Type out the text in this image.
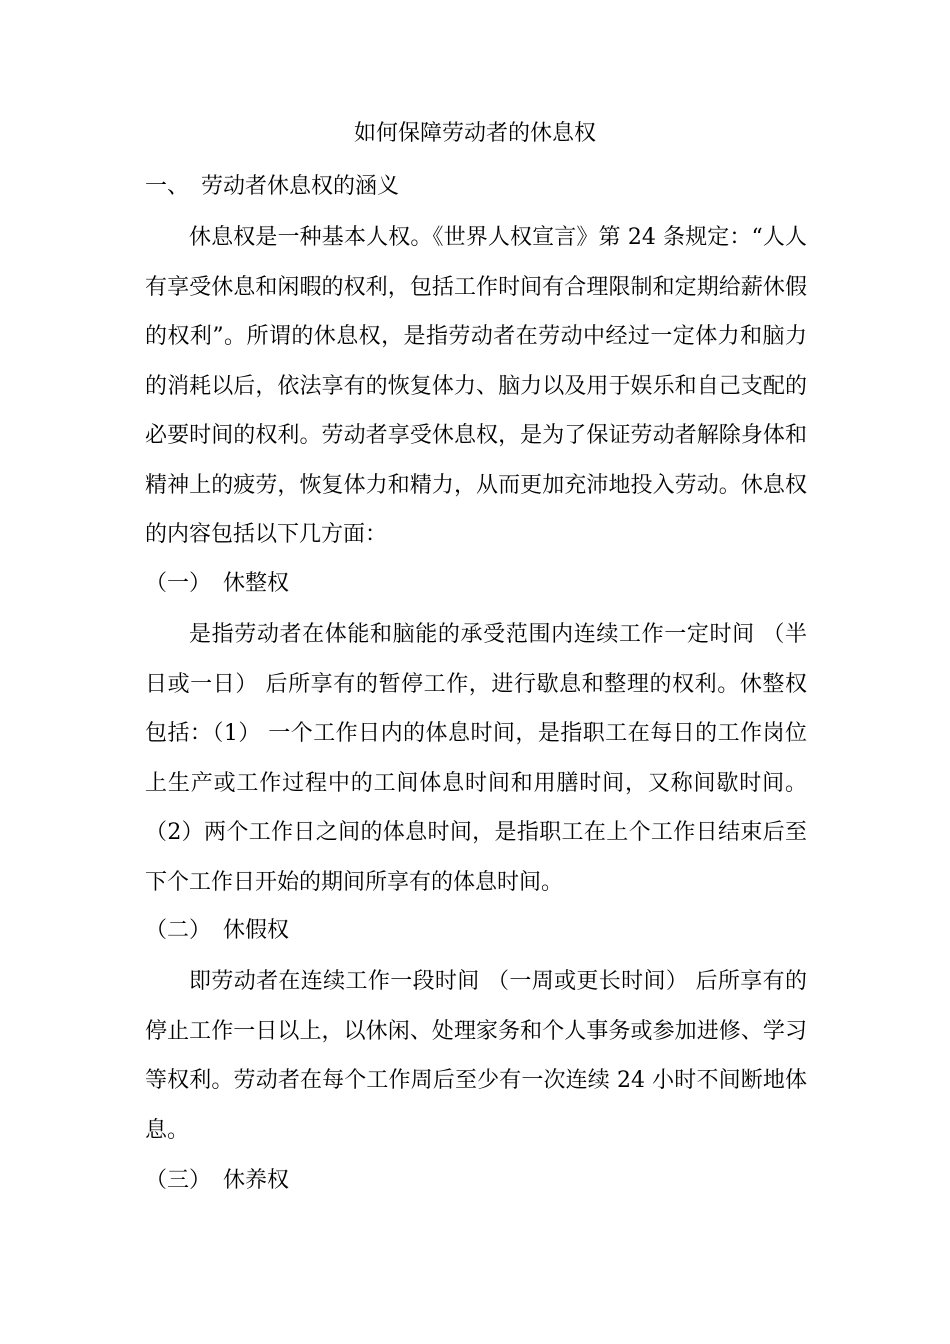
如何保障劳动者的休息权
一、 劳动者休息权的涵义

休息权是一种基本人权。《世界人权宣言》第 24 条规定：“人人有享受休息和闲暇的权利，包括工作时间有合理限制和定期给薪休假的权利”。所谓的休息权，是指劳动者在劳动中经过一定体力和脑力的消耗以后，依法享有的恢复体力、脑力以及用于娱乐和自己支配的必要时间的权利。劳动者享受休息权，是为了保证劳动者解除身体和精神上的疲劳，恢复体力和精力，从而更加充沛地投入劳动。休息权的内容包括以下几方面：

（一） 休整权

是指劳动者在体能和脑能的承受范围内连续工作一定时间 （半日或一日） 后所享有的暂停工作，进行歇息和整理的权利。休整权包括：（1） 一个工作日内的体息时间，是指职工在每日的工作岗位上生产或工作过程中的工间体息时间和用膳时间，又称间歇时间。（2）两个工作日之间的体息时间，是指职工在上个工作日结束后至下个工作日开始的期间所享有的体息时间。

（二） 休假权

即劳动者在连续工作一段时间 （一周或更长时间） 后所享有的停止工作一日以上，以休闲、处理家务和个人事务或参加进修、学习等权利。劳动者在每个工作周后至少有一次连续 24 小时不间断地体息。

（三） 休养权
